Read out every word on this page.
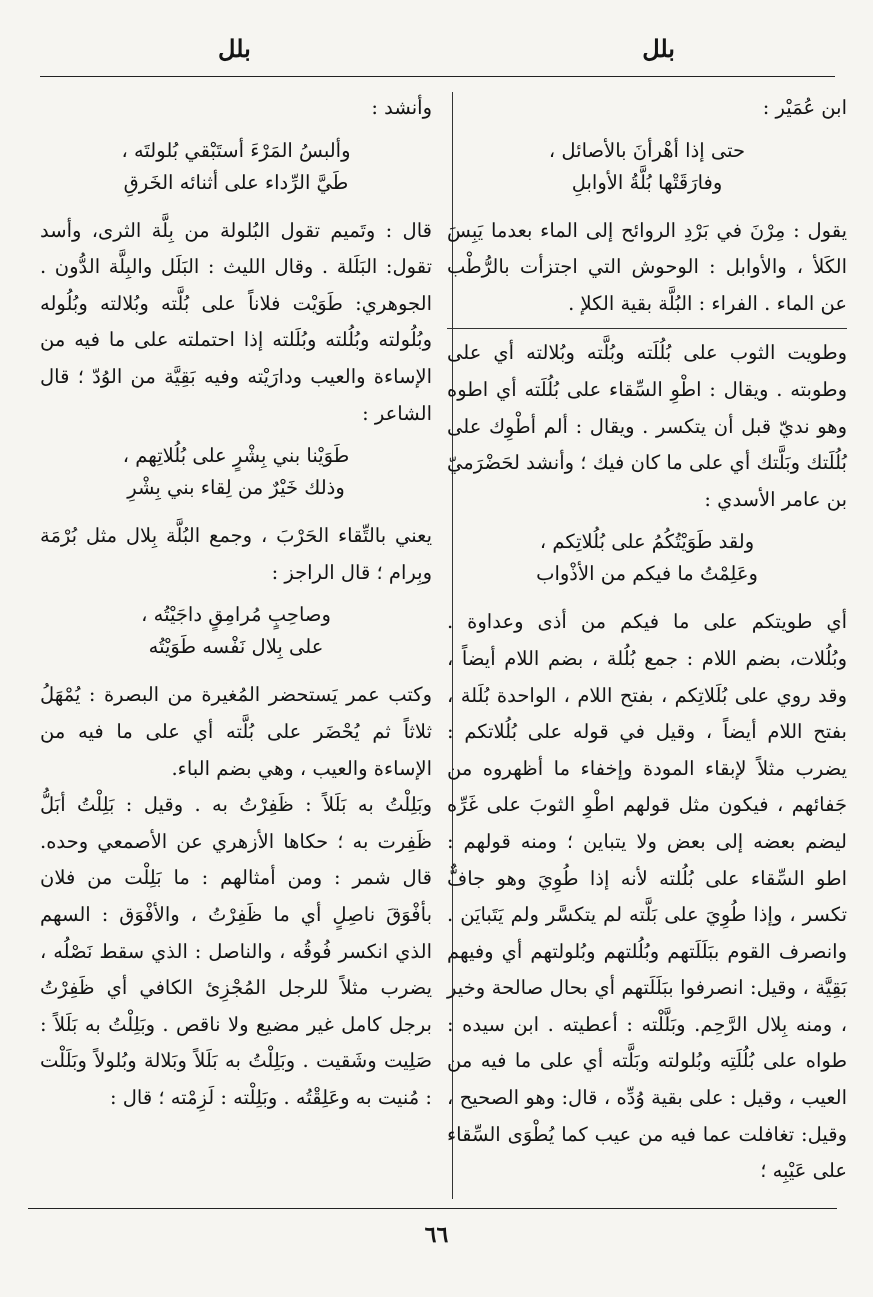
بلل
بلل

ابن عُمَيْر :

حتى إذا أهْرأنَ بالأصائل ،

وفارَقَتْها بُلَّةُ الأوابلِ

يقول : مِرْنَ في بَرْدِ الروائح إلى الماء بعدما يَبِسَ الكَلأ ، والأوابل : الوحوش التي اجتزأت بالرُّطْب عن الماء . الفراء : البُلَّة بقية الكلإ .

وطويت الثوب على بُلُلَته وبُلَّته وبُلالته أي على وطوبته . ويقال : اطْوِ السِّقاء على بُلُلَته أي اطوه وهو نديّ قبل أن يتكسر . ويقال : ألم أطْوِك على بُلُلَتك وبَلَّتك أي على ما كان فيك ؛ وأنشد لحَضْرَميّ بن عامر الأسدي :

ولقد طَوَيْتُكُمُ على بُلُلاتِكم ،

وعَلِمْتُ ما فيكم من الأذْواب

أي طويتكم على ما فيكم من أذى وعداوة . وبُلُلات، بضم اللام : جمع بُلُلة ، بضم اللام أيضاً ، وقد روي على بُلَلاتِكم ، بفتح اللام ، الواحدة بُلَلة ، بفتح اللام أيضاً ، وقيل في قوله على بُلُلاتكم : يضرب مثلاً لإبقاء المودة وإخفاء ما أظهروه من جَفائهم ، فيكون مثل قولهم اطْوِ الثوبَ على غَرِّه ليضم بعضه إلى بعض ولا يتباين ؛ ومنه قولهم : اطو السِّقاء على بُلُلته لأنه إذا طُوِيَ وهو جافٌّ تكسر ، وإذا طُوِيَ على بَلَّته لم يتكسَّر ولم يَتَبايَن . وانصرف القوم ببَلَلَتهم وبُلُلتهم وبُلولتهم أي وفيهم بَقِيَّة ، وقيل: انصرفوا ببَلَلَتهم أي بحال صالحة وخير ، ومنه بِلال الرَّحِم. وبَلَّلْته : أعطيته . ابن سيده : طواه على بُلُلَتِه وبُلولته وبَلَّته أي على ما فيه من العيب ، وقيل : على بقية وُدِّه ، قال: وهو الصحيح ، وقيل: تغافلت عما فيه من عيب كما يُطْوَى السِّقاء على عَيْبِه ؛

وأنشد :

وألبسُ المَرْءَ أستَبْقي بُلولتَه ،

طَيَّ الرِّداء على أثنائه الخَرقِ

قال : وتَميم تقول البُلولة من بِلَّة الثرى، وأسد تقول: البَلَلة . وقال الليث : البَلَل والبِلَّة الدُّون . الجوهري: طَوَيْت فلاناً على بُلَّته وبُلالته وبُلُوله وبُلُولته وبُلُلته وبُلَلته إذا احتملته على ما فيه من الإساءة والعيب ودارَيْته وفيه بَقِيَّة من الوُدّ ؛ قال الشاعر :

طَوَيْنا بني بِشْرٍ على بُلُلاتِهم ،

وذلك خَيْرٌ من لِقاء بني بِشْرِ

يعني بالتِّقاء الحَرْبَ ، وجمع البُلَّة بِلال مثل بُرْمَة وبِرام ؛ قال الراجز :

وصاحِبٍ مُرامِقٍ داجَيْتُه ،

على بِلال نَفْسه طَوَيْتُه

وكتب عمر يَستحضر المُغيرة من البصرة : يُمْهَلُ ثلاثاً ثم يُحْضَر على بُلَّته أي على ما فيه من الإساءة والعيب ، وهي بضم الباء.

وبَلِلْتُ به بَلَلاً : ظَفِرْتُ به . وقيل : بَلِلْتُ أبَلُّ ظَفِرت به ؛ حكاها الأزهري عن الأصمعي وحده. قال شمر : ومن أمثالهم : ما بَلِلْت من فلان بأفْوَقَ ناصِلٍ أي ما ظَفِرْتُ ، والأفْوَق : السهم الذي انكسر فُوقُه ، والناصل : الذي سقط نَصْلُه ، يضرب مثلاً للرجل المُجْزِئ الكافي أي ظَفِرْتُ برجل كامل غير مضيع ولا ناقص . وبَلِلْتُ به بَلَلاً : صَلِيت وشَقيت . وبَلِلْتُ به بَلَلاً وبَلالة وبُلولاً وبَلَلْت : مُنيت به وعَلِقْتُه . وبَلِلْته : لَزِمْته ؛ قال :

٦٦
